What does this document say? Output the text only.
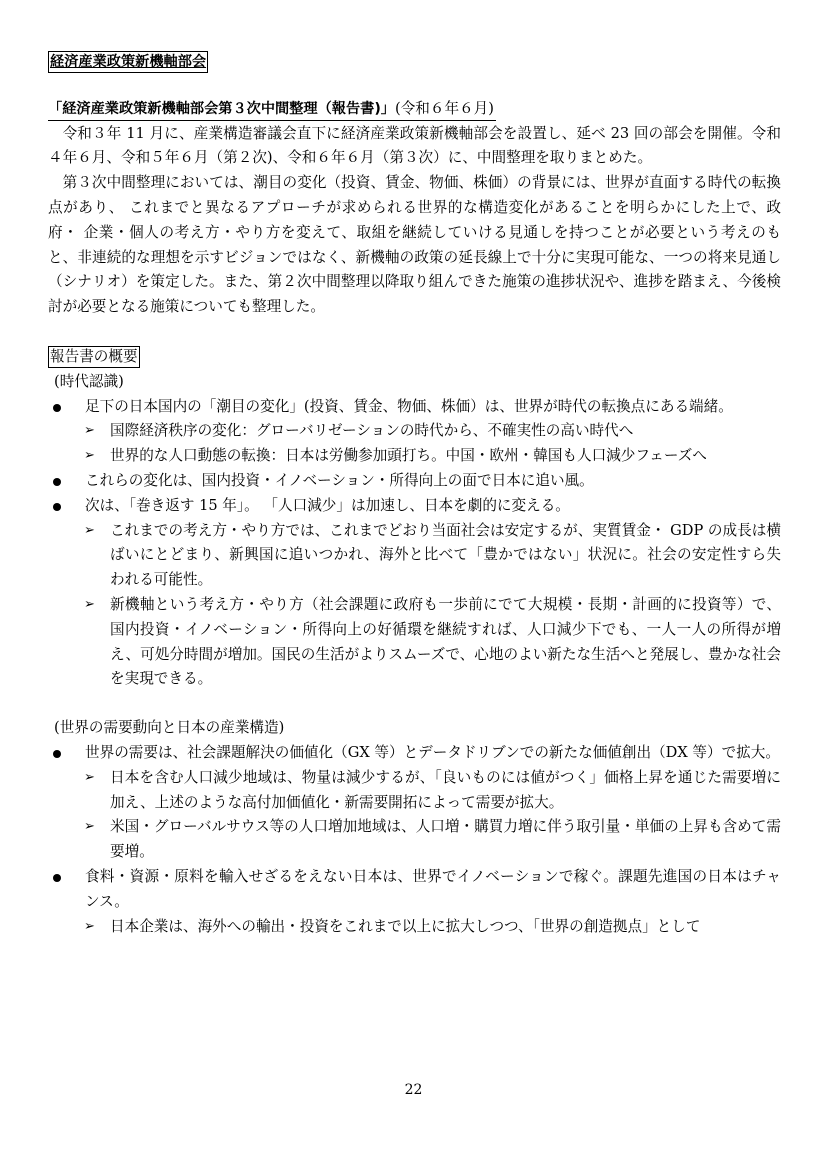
経済産業政策新機軸部会
「経済産業政策新機軸部会第３次中間整理（報告書)」(令和６年６月)

令和３年 11 月に、産業構造審議会直下に経済産業政策新機軸部会を設置し、延べ 23 回の部会を開催。令和４年６月、令和５年６月（第２次)、令和６年６月（第３次）に、中間整理を取りまとめた。

第３次中間整理においては、潮目の変化（投資、賃金、物価、株価）の背景には、世界が直面する時代の転換点があり、 これまでと異なるアプローチが求められる世界的な構造変化があることを明らかにした上で、政府・ 企業・個人の考え方・やり方を変えて、取組を継続していける見通しを持つことが必要という考えのもと、非連続的な理想を示すビジョンではなく、新機軸の政策の延長線上で十分に実現可能な、一つの将来見通し（シナリオ）を策定した。また、第２次中間整理以降取り組んできた施策の進捗状況や、進捗を踏まえ、今後検討が必要となる施策についても整理した。

報告書の概要

(時代認識)

足下の日本国内の「潮目の変化」(投資、賃金、物価、株価）は、世界が時代の転換点にある端緒。

➢ 国際経済秩序の変化：グローバリゼーションの時代から、不確実性の高い時代へ

➢ 世界的な人口動態の転換：日本は労働参加頭打ち。中国・欧州・韓国も人口減少フェーズへ

これらの変化は、国内投資・イノベーション・所得向上の面で日本に追い風。

次は、「巻き返す 15 年」。 「人口減少」は加速し、日本を劇的に変える。

➢ これまでの考え方・やり方では、これまでどおり当面社会は安定するが、実質賃金・ GDP の成長は横ばいにとどまり、新興国に追いつかれ、海外と比べて「豊かではない」状況に。社会の安定性すら失われる可能性。

➢ 新機軸という考え方・やり方（社会課題に政府も一歩前にでて大規模・長期・計画的に投資等）で、国内投資・イノベーション・所得向上の好循環を継続すれば、人口減少下でも、一人一人の所得が増え、可処分時間が増加。国民の生活がよりスムーズで、心地のよい新たな生活へと発展し、豊かな社会を実現できる。

(世界の需要動向と日本の産業構造)

世界の需要は、社会課題解決の価値化（GX 等）とデータドリブンでの新たな価値創出（DX 等）で拡大。

➢ 日本を含む人口減少地域は、物量は減少するが、「良いものには値がつく」価格上昇を通じた需要増に加え、上述のような高付加価値化・新需要開拓によって需要が拡大。

➢ 米国・グローバルサウス等の人口増加地域は、人口増・購買力増に伴う取引量・単価の上昇も含めて需要増。

食料・資源・原料を輸入せざるをえない日本は、世界でイノベーションで稼ぐ。課題先進国の日本はチャンス。

➢ 日本企業は、海外への輸出・投資をこれまで以上に拡大しつつ、「世界の創造拠点」として

22
